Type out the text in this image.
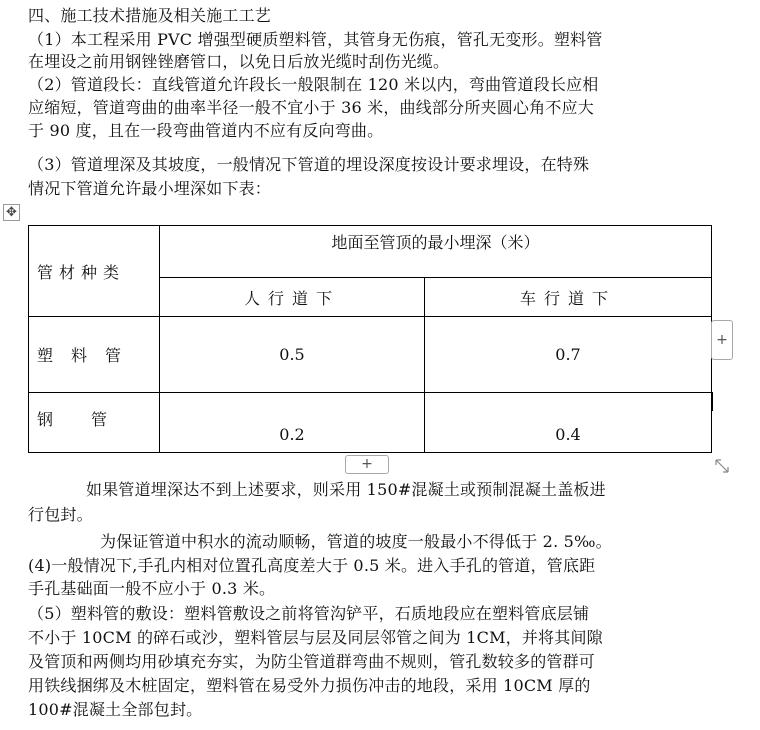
四、施工技术措施及相关施工工艺
（1）本工程采用 PVC 增强型硬质塑料管，其管身无伤痕，管孔无变形。塑料管
在埋设之前用钢锉锉磨管口，以免日后放光缆时刮伤光缆。
（2）管道段长：直线管道允许段长一般限制在 120 米以内，弯曲管道段长应相
应缩短，管道弯曲的曲率半径一般不宜小于 36 米，曲线部分所夹圆心角不应大
于 90 度，且在一段弯曲管道内不应有反向弯曲。
（3）管道埋深及其坡度，一般情况下管道的埋设深度按设计要求埋设，在特殊
情况下管道允许最小埋深如下表：
✥
管材种类	地面至管顶的最小埋深（米）	
	人行道下	车行道下
塑料管	0.5	0.7
钢管	0.2	0.4
+
+
如果管道埋深达不到上述要求，则采用 150#混凝土或预制混凝土盖板进
行包封。
为保证管道中积水的流动顺畅，管道的坡度一般最小不得低于 2. 5‰。
(4)一般情况下,手孔内相对位置孔高度差大于 0.5 米。进入手孔的管道，管底距
手孔基础面一般不应小于 0.3 米。
（5）塑料管的敷设：塑料管敷设之前将管沟铲平，石质地段应在塑料管底层铺
不小于 10CM 的碎石或沙，塑料管层与层及同层邻管之间为 1CM，并将其间隙
及管顶和两侧均用砂填充夯实，为防尘管道群弯曲不规则，管孔数较多的管群可
用铁线捆绑及木桩固定，塑料管在易受外力损伤冲击的地段，采用 10CM 厚的
100#混凝土全部包封。
